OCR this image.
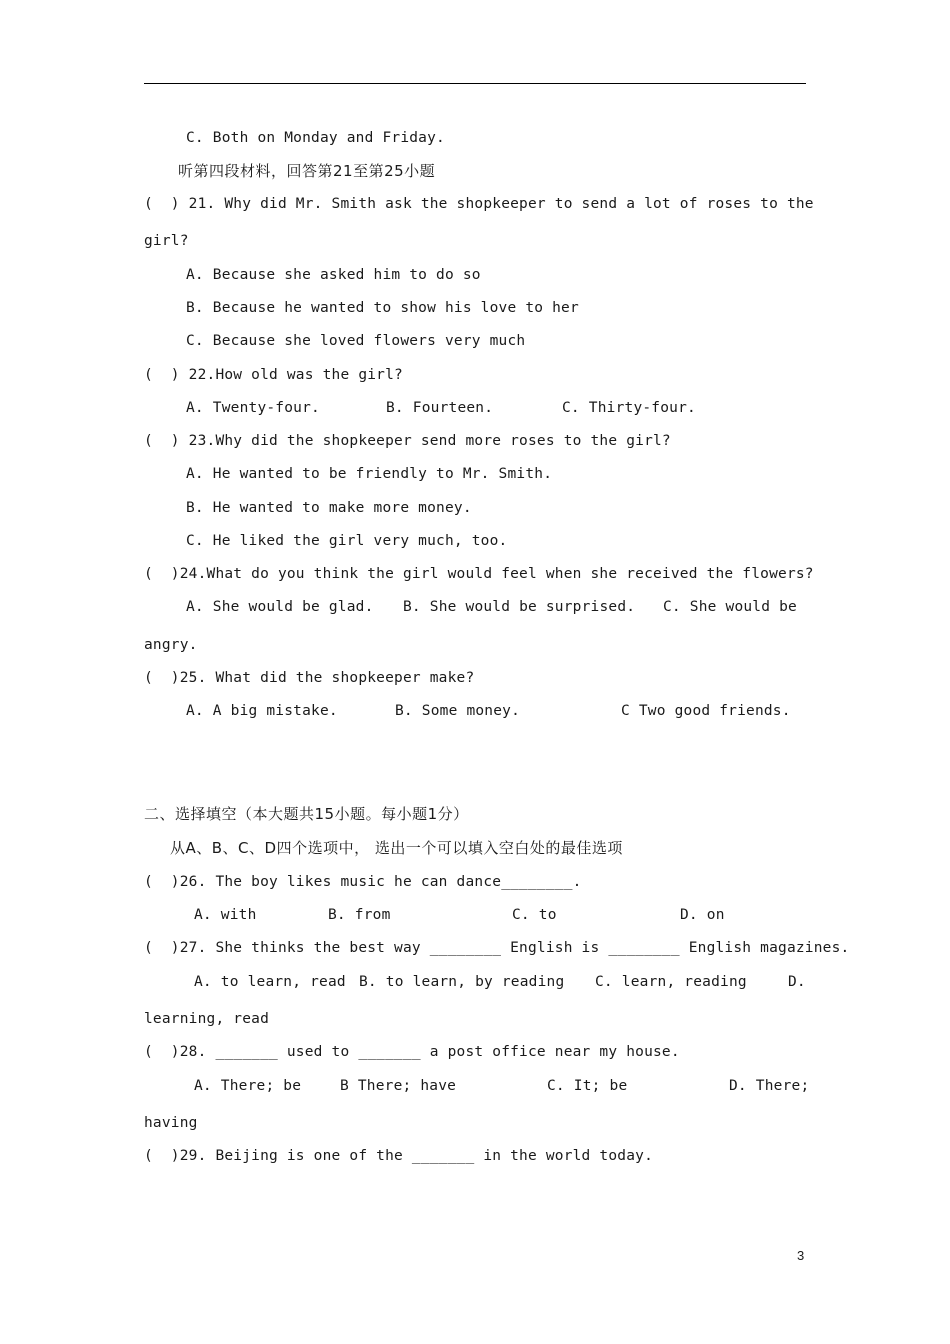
C. Both on Monday and Friday.
听第四段材料，回答第21至第25小题
(  ) 21. Why did Mr. Smith ask the shopkeeper to send a lot of roses to the
girl?
A. Because she asked him to do so
B. Because he wanted to show his love to her
C. Because she loved flowers very much
(  ) 22.How old was the girl?
A. Twenty-four.	B. Fourteen.	C. Thirty-four.
(  ) 23.Why did the shopkeeper send more roses to the girl?
A. He wanted to be friendly to Mr. Smith.
B. He wanted to make more money.
C. He liked the girl very much, too.
(  )24.What do you think the girl would feel when she received the flowers?
A. She would be glad. B. She would be surprised. C. She would be
angry.
(  )25. What did the shopkeeper make?
A. A big mistake.	B. Some money.	C Two good friends.
二、选择填空（本大题共15小题。每小题1分）
从A、B、C、D四个选项中， 选出一个可以填入空白处的最佳选项
(  )26. The boy likes music he can dance________.
A. with	B. from	C. to	D. on
(  )27. She thinks the best way ________ English is ________ English magazines.
A. to learn, read B. to learn, by reading C. learn, reading	D.
learning, read
(  )28. _______ used to _______ a post office near my house.
A. There; be	B There; have	C. It; be	D. There;
having
(  )29. Beijing is one of the _______ in the world today.
3
